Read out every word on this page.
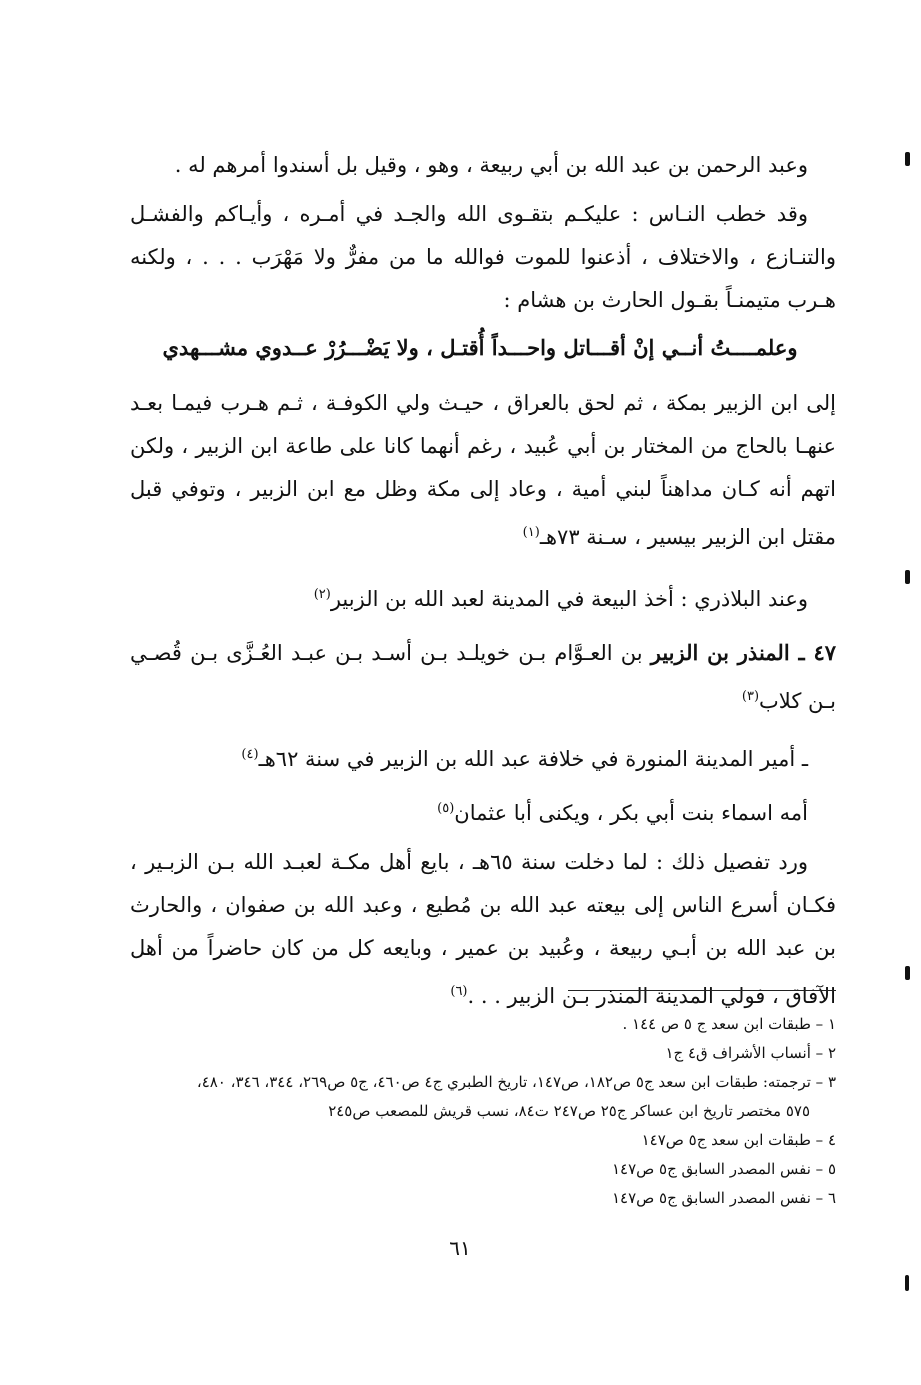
وعبد الرحمن بن عبد الله بن أبي ربيعة ، وهو ، وقيل بل أسندوا أمرهم له .

وقد خطب النـاس : عليكـم بتقـوى الله والجـد في أمـره ، وأيـاكم والفشـل والتنـازع ، والاختلاف ، أذعنوا للموت فوالله ما من مفرٌّ ولا مَهْرَب . . . ، ولكنه هـرب متيمنـاً بقـول الحارث بن هشام :

وعلمــــتُ أنــي إنْ أقـــاتل واحـــداً أُقتـل ، ولا يَضْـــرُرْ عــدوي مشـــهدي

إلى ابن الزبير بمكة ، ثم لحق بالعراق ، حيـث ولي الكوفـة ، ثـم هـرب فيمـا بعـد عنهـا بالحاج من المختار بن أبي عُبيد ، رغم أنهما كانا على طاعة ابن الزبير ، ولكن اتهم أنه كـان مداهناً لبني أمية ، وعاد إلى مكة وظل مع ابن الزبير ، وتوفي قبل مقتل ابن الزبير بيسير ، سـنة ٧٣هـ$^{(١)}$

وعند البلاذري : أخذ البيعة في المدينة لعبد الله بن الزبير$^{(٢)}$

٤٧ ـ المنذر بن الزبير بن العـوَّام بـن خويلـد بـن أسـد بـن عبـد العُـزَّى بـن قُصـي بـن كلاب$^{(٣)}$

ـ أمير المدينة المنورة في خلافة عبد الله بن الزبير في سنة ٦٢هـ$^{(٤)}$

أمه اسماء بنت أبي بكر ، ويكنى أبا عثمان$^{(٥)}$

ورد تفصيل ذلك : لما دخلت سنة ٦٥هـ ، بايع أهل مكـة لعبـد الله بـن الزبـير ، فكـان أسرع الناس إلى بيعته عبد الله بن مُطيع ، وعبد الله بن صفوان ، والحارث بن عبد الله بن أبـي ربيعة ، وعُبيد بن عمير ، وبايعه كل من كان حاضراً من أهل الآفاق ، فولي المدينة المنذر بـن الزبير . . .$^{(٦)}$

١ – طبقات ابن سعد ج ٥ ص ١٤٤ .

٢ – أنساب الأشراف ق٤ ج١

٣ – ترجمته: طبقات ابن سعد ج٥ ص١٨٢، ص١٤٧، تاريخ الطبري ج٤ ص٤٦٠، ج٥ ص٢٦٩، ٣٤٤، ٣٤٦، ٤٨٠،

٥٧٥ مختصر تاريخ ابن عساكر ج٢٥ ص٢٤٧ ت٨٤، نسب قريش للمصعب ص٢٤٥

٤ – طبقات ابن سعد ج٥ ص١٤٧

٥ – نفس المصدر السابق ج٥ ص١٤٧

٦ – نفس المصدر السابق ج٥ ص١٤٧

٦١
